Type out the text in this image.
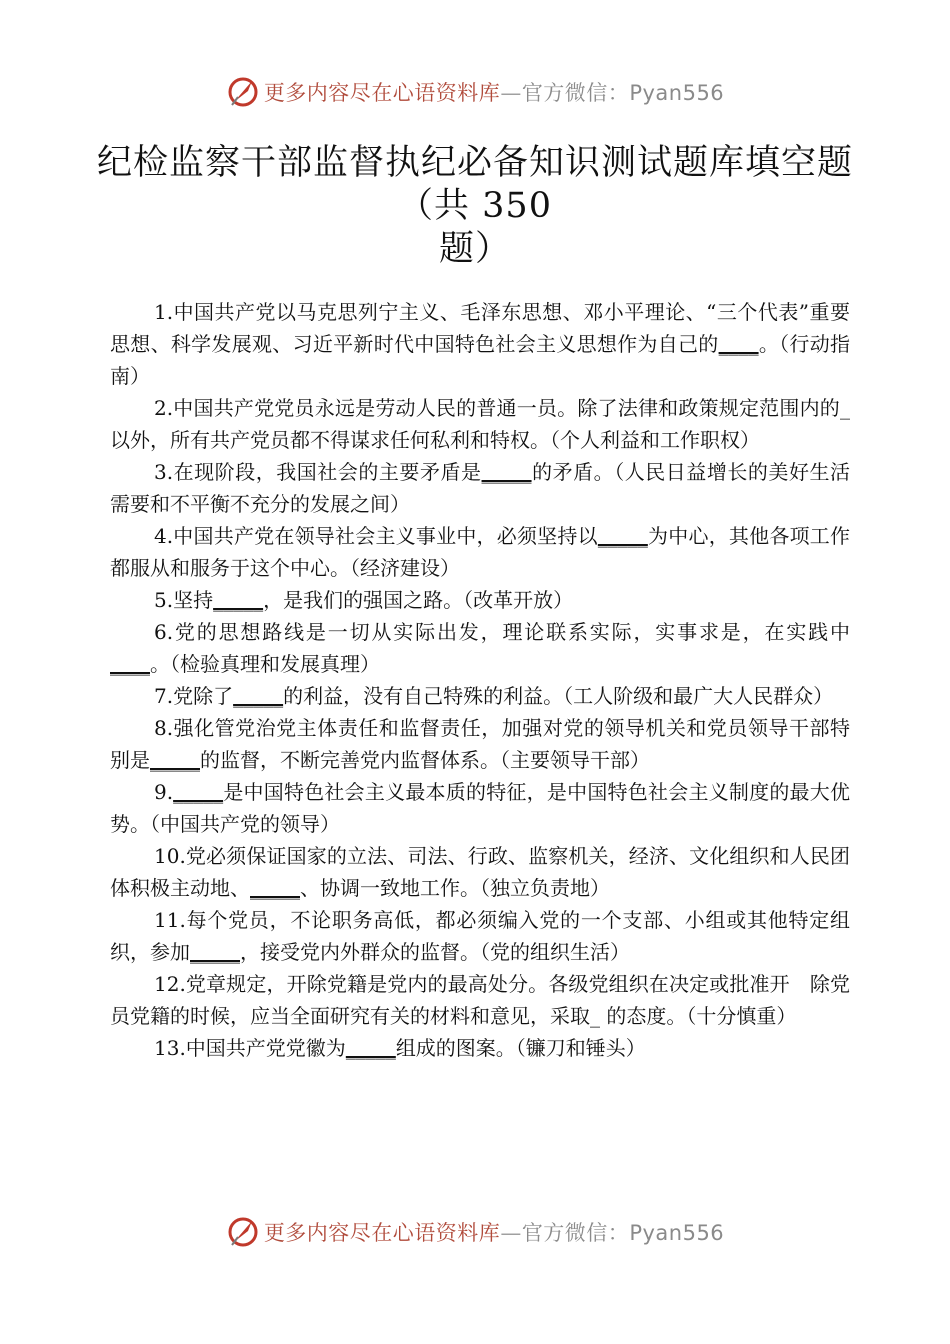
更多内容尽在心语资料库—官方微信：Pyan556
纪检监察干部监督执纪必备知识测试题库填空题
（共 350
题）

1.中国共产党以马克思列宁主义、毛泽东思想、邓小平理论、“三个代表”重要思想、科学发展观、习近平新时代中国特色社会主义思想作为自己的____。（行动指南）

2.中国共产党党员永远是劳动人民的普通一员。除了法律和政策规定范围内的_ 以外，所有共产党员都不得谋求任何私利和特权。（个人利益和工作职权）

3.在现阶段，我国社会的主要矛盾是_____的矛盾。（人民日益增长的美好生活需要和不平衡不充分的发展之间）

4.中国共产党在领导社会主义事业中，必须坚持以_____为中心，其他各项工作都服从和服务于这个中心。（经济建设）

5.坚持_____，是我们的强国之路。（改革开放）

6.党的思想路线是一切从实际出发，理论联系实际，实事求是，在实践中____。（检验真理和发展真理）

7.党除了_____的利益，没有自己特殊的利益。（工人阶级和最广大人民群众）

8.强化管党治党主体责任和监督责任，加强对党的领导机关和党员领导干部特别是_____的监督，不断完善党内监督体系。（主要领导干部）

9._____是中国特色社会主义最本质的特征，是中国特色社会主义制度的最大优势。（中国共产党的领导）

10.党必须保证国家的立法、司法、行政、监察机关，经济、文化组织和人民团体积极主动地、_____、协调一致地工作。（独立负责地）

11.每个党员，不论职务高低，都必须编入党的一个支部、小组或其他特定组织，参加_____，接受党内外群众的监督。（党的组织生活）

12.党章规定，开除党籍是党内的最高处分。各级党组织在决定或批准开　除党员党籍的时候，应当全面研究有关的材料和意见，采取_ 的态度。（十分慎重）

13.中国共产党党徽为_____组成的图案。（镰刀和锤头）

更多内容尽在心语资料库—官方微信：Pyan556
